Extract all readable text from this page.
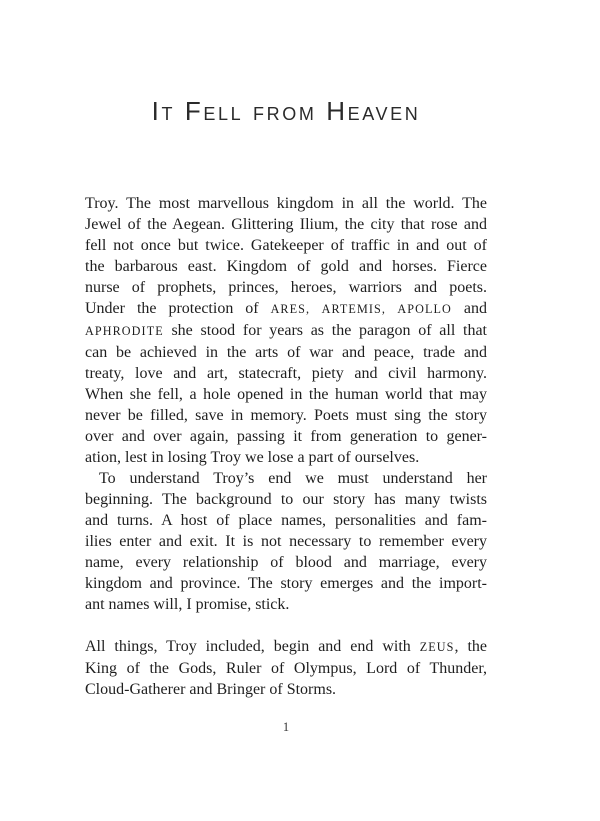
It Fell from Heaven
Troy. The most marvellous kingdom in all the world. The
Jewel of the Aegean. Glittering Ilium, the city that rose and
fell not once but twice. Gatekeeper of traffic in and out of
the barbarous east. Kingdom of gold and horses. Fierce
nurse of prophets, princes, heroes, warriors and poets.
Under the protection of ARES, ARTEMIS, APOLLO and
APHRODITE she stood for years as the paragon of all that
can be achieved in the arts of war and peace, trade and
treaty, love and art, statecraft, piety and civil harmony.
When she fell, a hole opened in the human world that may
never be filled, save in memory. Poets must sing the story
over and over again, passing it from generation to gener-
ation, lest in losing Troy we lose a part of ourselves.
To understand Troy’s end we must understand her
beginning. The background to our story has many twists
and turns. A host of place names, personalities and fam-
ilies enter and exit. It is not necessary to remember every
name, every relationship of blood and marriage, every
kingdom and province. The story emerges and the import-
ant names will, I promise, stick.
All things, Troy included, begin and end with ZEUS, the
King of the Gods, Ruler of Olympus, Lord of Thunder,
Cloud-Gatherer and Bringer of Storms.
1
